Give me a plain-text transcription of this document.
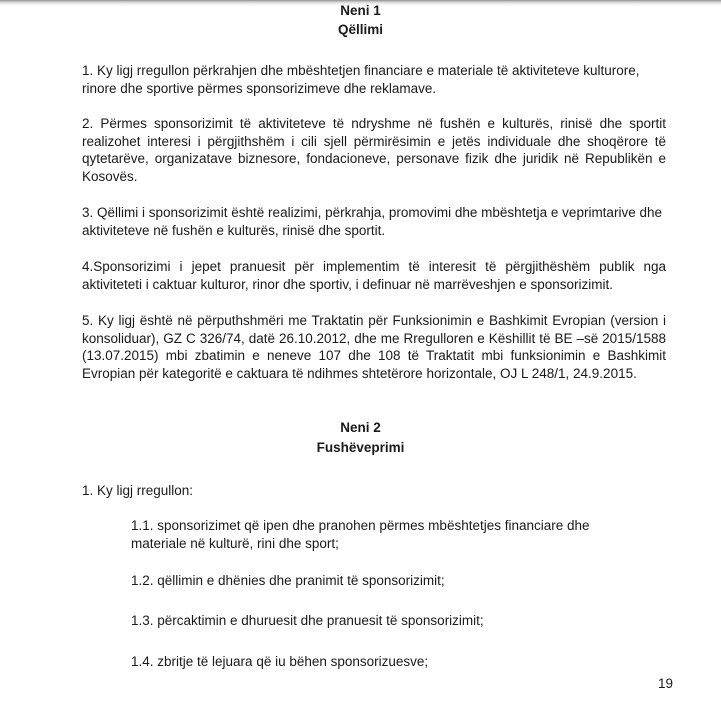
Neni 1
Qëllimi

1. Ky ligj rregullon përkrahjen dhe mbështetjen financiare e materiale të aktiviteteve kulturore, rinore dhe sportive përmes sponsorizimeve dhe reklamave.

2. Përmes sponsorizimit të aktiviteteve të ndryshme në fushën e kulturës, rinisë dhe sportit realizohet interesi i përgjithshëm i cili sjell përmirësimin e jetës individuale dhe shoqërore të qytetarëve, organizatave biznesore, fondacioneve, personave fizik dhe juridik në Republikën e Kosovës.

3. Qëllimi i sponsorizimit është realizimi, përkrahja, promovimi dhe mbështetja e veprimtarive dhe aktiviteteve në fushën e kulturës, rinisë dhe sportit.

4.Sponsorizimi i jepet pranuesit për implementim të interesit të përgjithëshëm publik nga aktiviteteti i caktuar kulturor, rinor dhe sportiv, i definuar në marrëveshjen e sponsorizimit.

5. Ky ligj është në përputhshmëri me Traktatin për Funksionimin e Bashkimit Evropian (version i konsoliduar), GZ C 326/74, datë 26.10.2012, dhe me Rregulloren e Këshillit të BE –së 2015/1588 (13.07.2015) mbi zbatimin e neneve 107 dhe 108 të Traktatit mbi funksionimin e Bashkimit Evropian për kategoritë e caktuara të ndihmes shtetërore horizontale, OJ L 248/1, 24.9.2015.

Neni 2
Fushëveprimi

1. Ky ligj rregullon:

1.1. sponsorizimet që ipen dhe pranohen përmes mbështetjes financiare dhe materiale në kulturë, rini dhe sport;

1.2. qëllimin e dhënies dhe pranimit të sponsorizimit;

1.3. përcaktimin e dhuruesit dhe pranuesit të sponsorizimit;

1.4. zbritje të lejuara që iu bëhen sponsorizuesve;

19
